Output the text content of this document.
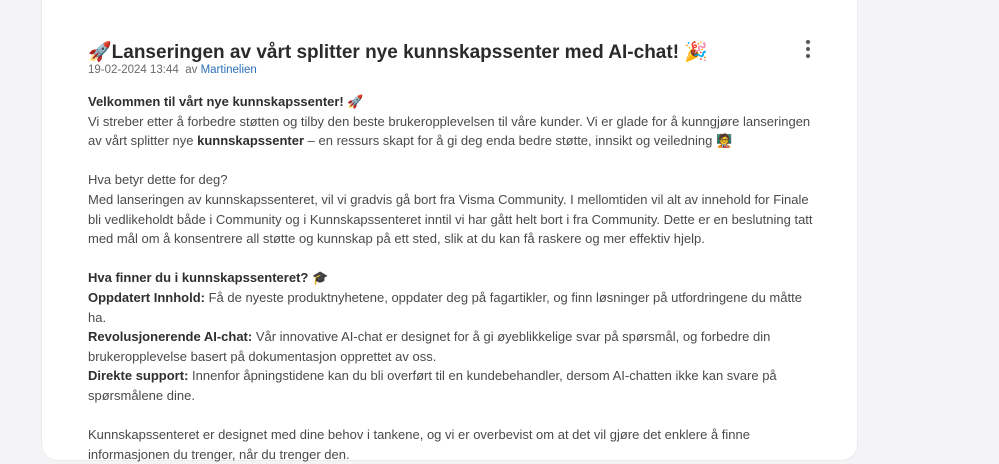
🚀Lanseringen av vårt splitter nye kunnskapssenter med AI-chat! 🎉
19-02-2024 13:44 av Martinelien

Velkommen til vårt nye kunnskapssenter! 🚀

Vi streber etter å forbedre støtten og tilby den beste brukeropplevelsen til våre kunder. Vi er glade for å kunngjøre lanseringen av vårt splitter nye kunnskapssenter – en ressurs skapt for å gi deg enda bedre støtte, innsikt og veiledning 🧑‍🏫

Hva betyr dette for deg?

Med lanseringen av kunnskapssenteret, vil vi gradvis gå bort fra Visma Community. I mellomtiden vil alt av innehold for Finale bli vedlikeholdt både i Community og i Kunnskapssenteret inntil vi har gått helt bort i fra Community. Dette er en beslutning tatt med mål om å konsentrere all støtte og kunnskap på ett sted, slik at du kan få raskere og mer effektiv hjelp.

Hva finner du i kunnskapssenteret? 🎓

Oppdatert Innhold: Få de nyeste produktnyhetene, oppdater deg på fagartikler, og finn løsninger på utfordringene du måtte ha.

Revolusjonerende AI-chat: Vår innovative AI-chat er designet for å gi øyeblikkelige svar på spørsmål, og forbedre din brukeropplevelse basert på dokumentasjon opprettet av oss.

Direkte support: Innenfor åpningstidene kan du bli overført til en kundebehandler, dersom AI-chatten ikke kan svare på spørsmålene dine.

Kunnskapssenteret er designet med dine behov i tankene, og vi er overbevist om at det vil gjøre det enklere å finne informasjonen du trenger, når du trenger den.
